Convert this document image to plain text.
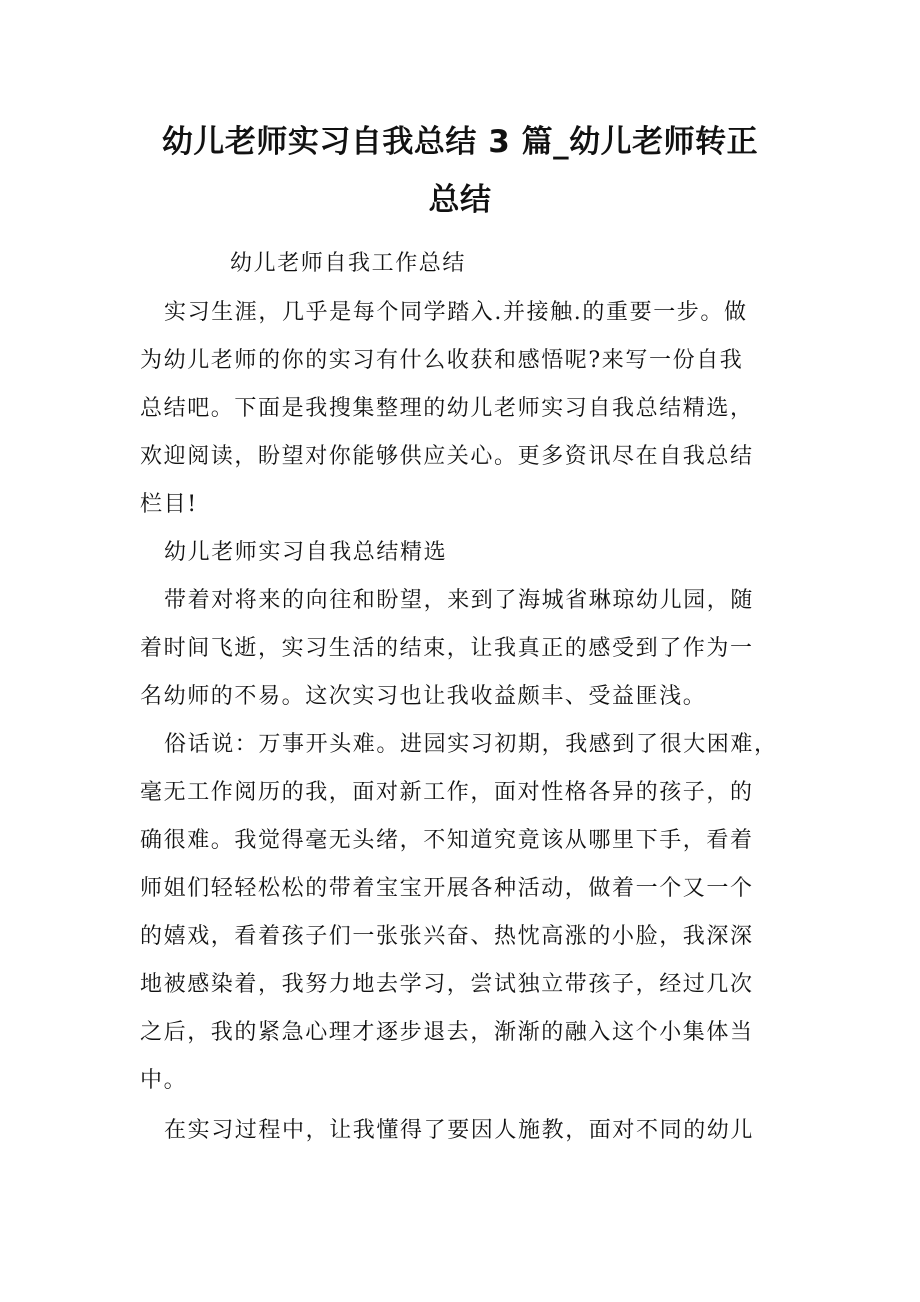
幼儿老师实习自我总结 3 篇_幼儿老师转正
总结

幼儿老师自我工作总结

实习生涯，几乎是每个同学踏入.并接触.的重要一步。做
为幼儿老师的你的实习有什么收获和感悟呢?来写一份自我
总结吧。下面是我搜集整理的幼儿老师实习自我总结精选，
欢迎阅读，盼望对你能够供应关心。更多资讯尽在自我总结
栏目!

幼儿老师实习自我总结精选

带着对将来的向往和盼望，来到了海城省琳琼幼儿园，随
着时间飞逝，实习生活的结束，让我真正的感受到了作为一
名幼师的不易。这次实习也让我收益颇丰、受益匪浅。
俗话说：万事开头难。进园实习初期，我感到了很大困难，
毫无工作阅历的我，面对新工作，面对性格各异的孩子，的
确很难。我觉得毫无头绪，不知道究竟该从哪里下手，看着
师姐们轻轻松松的带着宝宝开展各种活动，做着一个又一个
的嬉戏，看着孩子们一张张兴奋、热忱高涨的小脸，我深深
地被感染着，我努力地去学习，尝试独立带孩子，经过几次
之后，我的紧急心理才逐步退去，渐渐的融入这个小集体当
中。
在实习过程中，让我懂得了要因人施教，面对不同的幼儿
